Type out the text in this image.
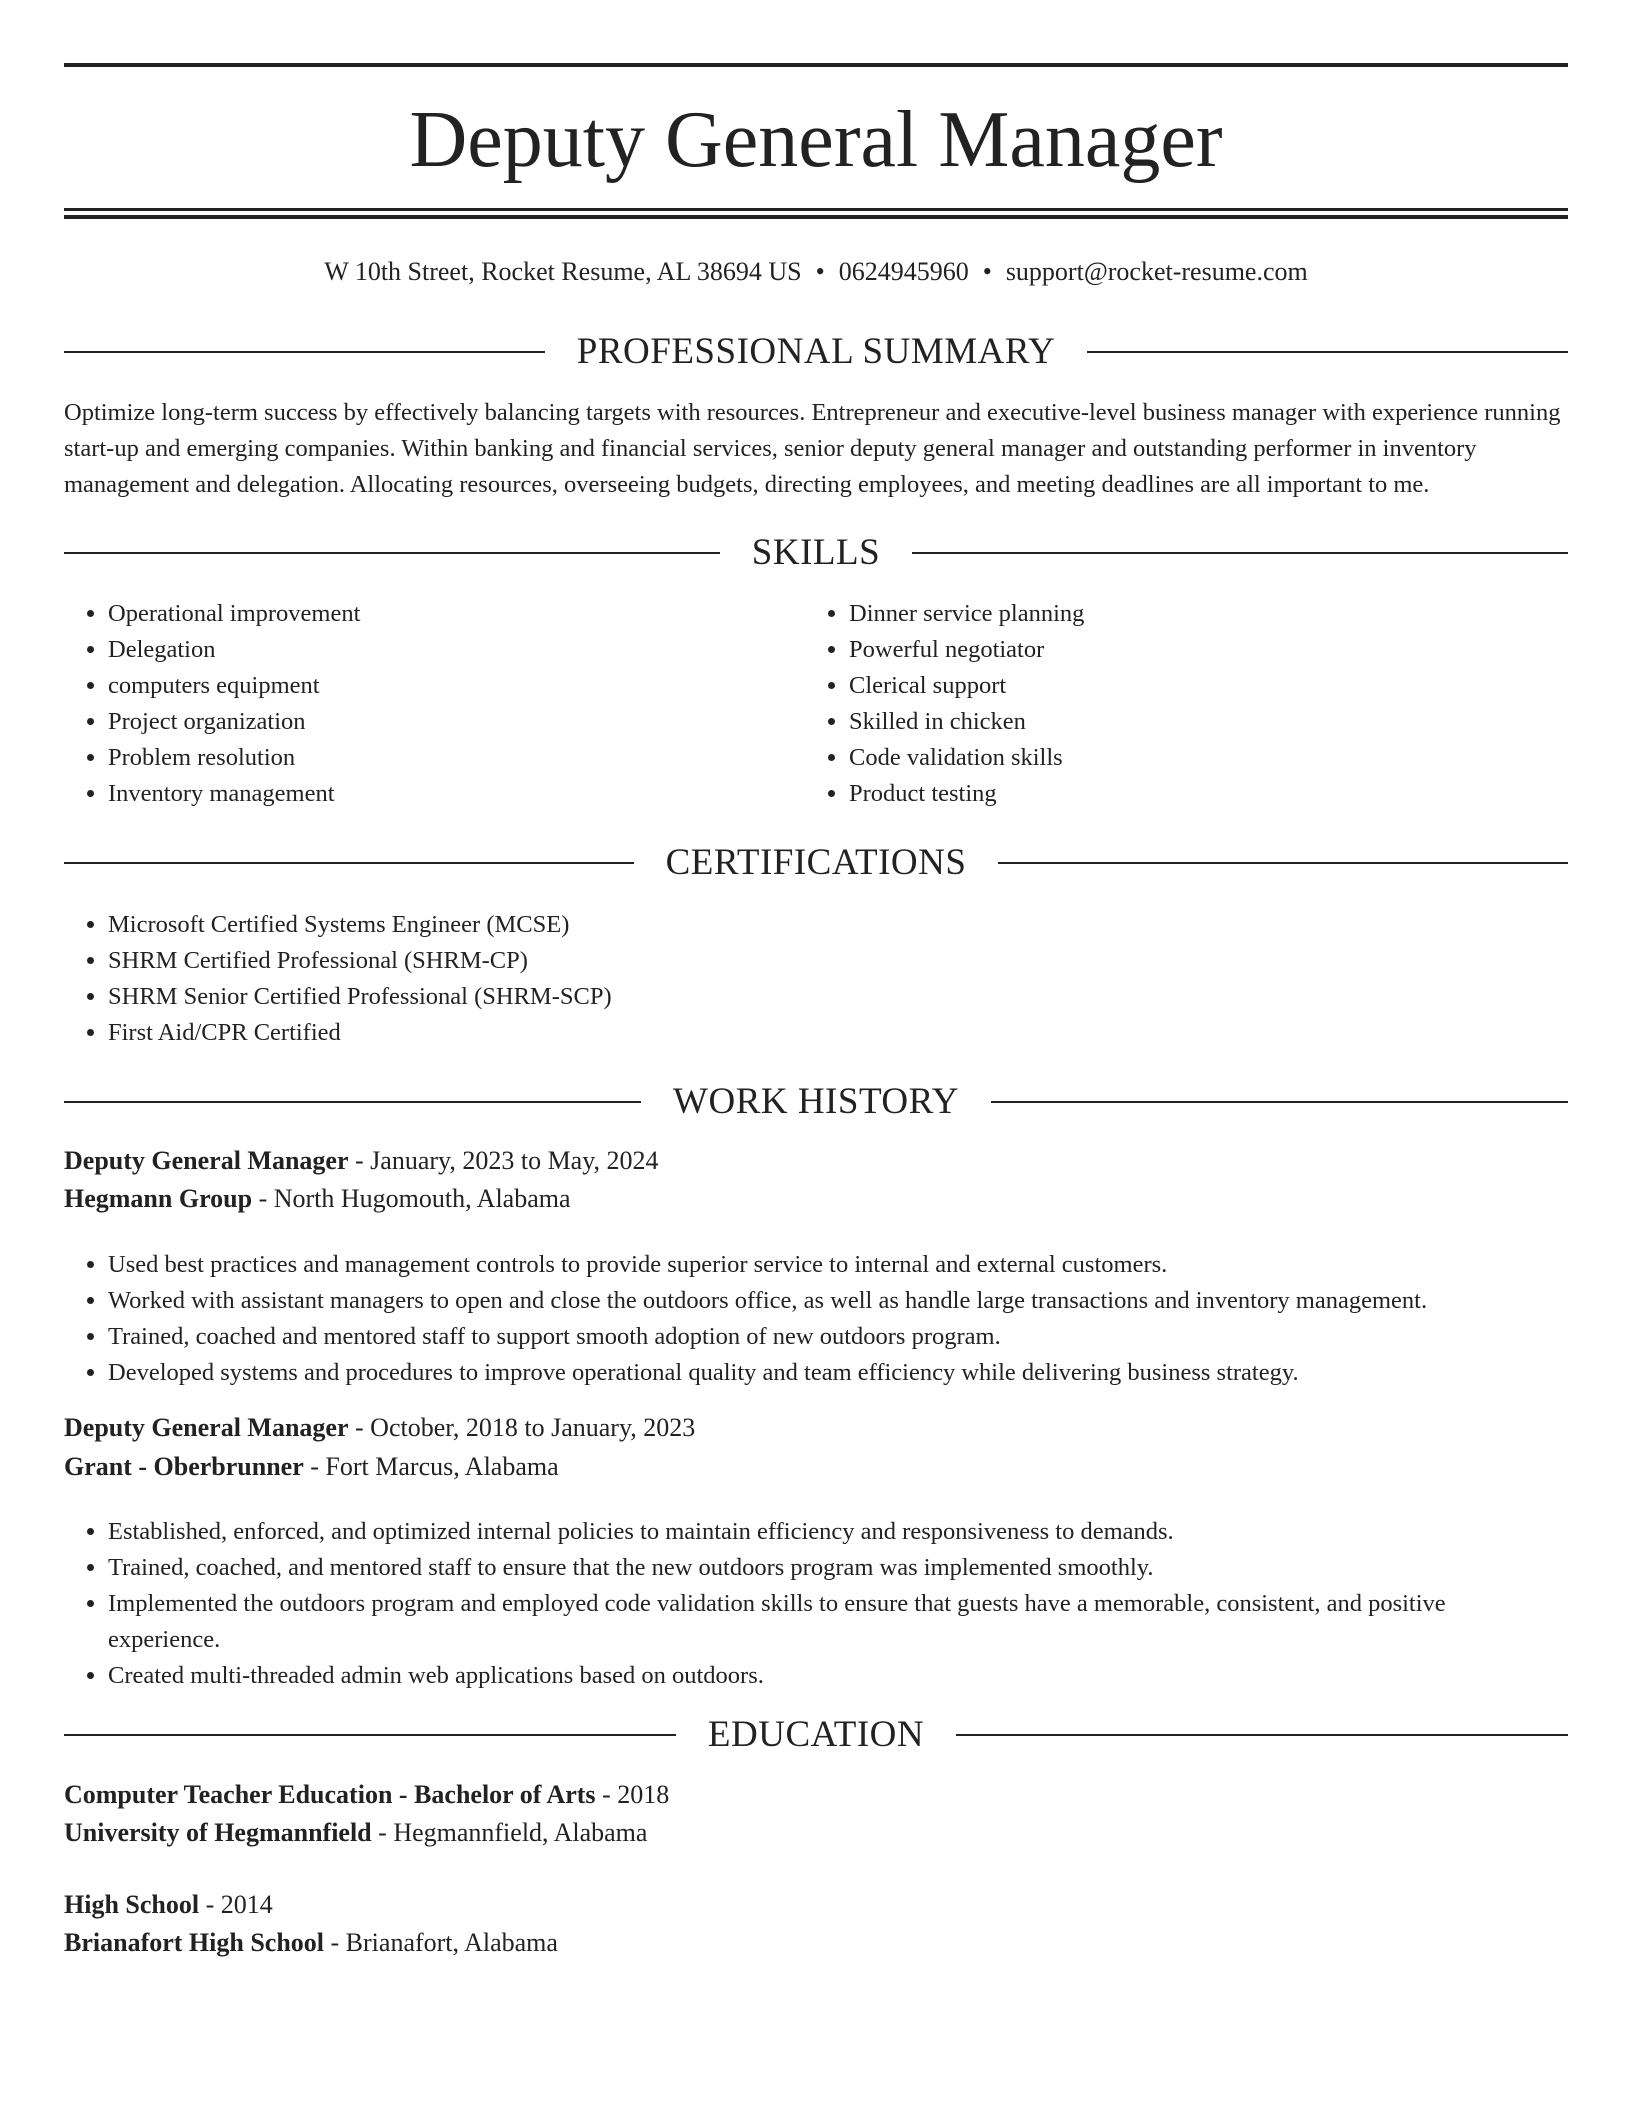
Deputy General Manager
W 10th Street, Rocket Resume, AL 38694 US • 0624945960 • support@rocket-resume.com
PROFESSIONAL SUMMARY

Optimize long-term success by effectively balancing targets with resources. Entrepreneur and executive-level business manager with experience running start-up and emerging companies. Within banking and financial services, senior deputy general manager and outstanding performer in inventory management and delegation. Allocating resources, overseeing budgets, directing employees, and meeting deadlines are all important to me.

SKILLS
• Operational improvement
• Delegation
• computers equipment
• Project organization
• Problem resolution
• Inventory management
• Dinner service planning
• Powerful negotiator
• Clerical support
• Skilled in chicken
• Code validation skills
• Product testing
CERTIFICATIONS
• Microsoft Certified Systems Engineer (MCSE)
• SHRM Certified Professional (SHRM-CP)
• SHRM Senior Certified Professional (SHRM-SCP)
• First Aid/CPR Certified
WORK HISTORY
Deputy General Manager - January, 2023 to May, 2024
Hegmann Group - North Hugomouth, Alabama
• Used best practices and management controls to provide superior service to internal and external customers.
• Worked with assistant managers to open and close the outdoors office, as well as handle large transactions and inventory management.
• Trained, coached and mentored staff to support smooth adoption of new outdoors program.
• Developed systems and procedures to improve operational quality and team efficiency while delivering business strategy.
Deputy General Manager - October, 2018 to January, 2023
Grant - Oberbrunner - Fort Marcus, Alabama
• Established, enforced, and optimized internal policies to maintain efficiency and responsiveness to demands.
• Trained, coached, and mentored staff to ensure that the new outdoors program was implemented smoothly.
• Implemented the outdoors program and employed code validation skills to ensure that guests have a memorable, consistent, and positive experience.
• Created multi-threaded admin web applications based on outdoors.
EDUCATION
Computer Teacher Education - Bachelor of Arts - 2018
University of Hegmannfield - Hegmannfield, Alabama
High School - 2014
Brianafort High School - Brianafort, Alabama
